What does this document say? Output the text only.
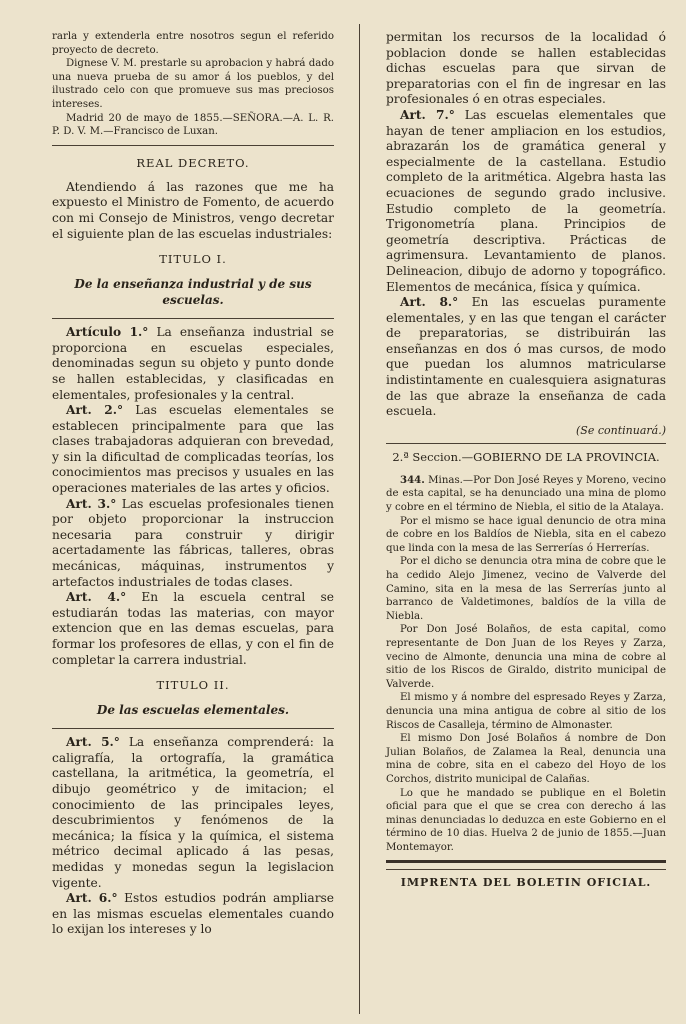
rarla y extenderla entre nosotros segun el referido proyecto de decreto.

Dignese V. M. prestarle su aprobacion y habrá dado una nueva prueba de su amor á los pueblos, y del ilustrado celo con que promueve sus mas preciosos intereses.

Madrid 20 de mayo de 1855.—SEÑORA.—A. L. R. P. D. V. M.—Francisco de Luxan.

REAL DECRETO.

Atendiendo á las razones que me ha expuesto el Ministro de Fomento, de acuerdo con mi Consejo de Ministros, vengo decretar el siguiente plan de las escuelas industriales:

TITULO I.
De la enseñanza industrial y de sus escuelas.

Artículo 1.° La enseñanza industrial se proporciona en escuelas especiales, denominadas segun su objeto y punto donde se hallen establecidas, y clasificadas en elementales, profesionales y la central.

Art. 2.° Las escuelas elementales se establecen principalmente para que las clases trabajadoras adquieran con brevedad, y sin la dificultad de complicadas teorías, los conocimientos mas precisos y usuales en las operaciones materiales de las artes y oficios.

Art. 3.° Las escuelas profesionales tienen por objeto proporcionar la instruccion necesaria para construir y dirigir acertadamente las fábricas, talleres, obras mecánicas, máquinas, instrumentos y artefactos industriales de todas clases.

Art. 4.° En la escuela central se estudiarán todas las materias, con mayor extencion que en las demas escuelas, para formar los profesores de ellas, y con el fin de completar la carrera industrial.

TITULO II.
De las escuelas elementales.

Art. 5.° La enseñanza comprenderá: la caligrafía, la ortografía, la gramática castellana, la aritmética, la geometría, el dibujo geométrico y de imitacion; el conocimiento de las principales leyes, descubrimientos y fenómenos de la mecánica; la física y la química, el sistema métrico decimal aplicado á las pesas, medidas y monedas segun la legislacion vigente.

Art. 6.° Estos estudios podrán ampliarse en las mismas escuelas elementales cuando lo exijan los intereses y lo

permitan los recursos de la localidad ó poblacion donde se hallen establecidas dichas escuelas para que sirvan de preparatorias con el fin de ingresar en las profesionales ó en otras especiales.

Art. 7.° Las escuelas elementales que hayan de tener ampliacion en los estudios, abrazarán los de gramática general y especialmente de la castellana. Estudio completo de la aritmética. Algebra hasta las ecuaciones de segundo grado inclusive. Estudio completo de la geometría. Trigonometría plana. Principios de geometría descriptiva. Prácticas de agrimensura. Levantamiento de planos. Delineacion, dibujo de adorno y topográfico. Elementos de mecánica, física y química.

Art. 8.° En las escuelas puramente elementales, y en las que tengan el carácter de preparatorias, se distribuirán las enseñanzas en dos ó mas cursos, de modo que puedan los alumnos matricularse indistintamente en cualesquiera asignaturas de las que abraze la enseñanza de cada escuela.

(Se continuará.)
2.ª Seccion.—GOBIERNO DE LA PROVINCIA.

344. Minas.—Por Don José Reyes y Moreno, vecino de esta capital, se ha denunciado una mina de plomo y cobre en el término de Niebla, el sitio de la Atalaya.

Por el mismo se hace igual denuncio de otra mina de cobre en los Baldíos de Niebla, sita en el cabezo que linda con la mesa de las Serrerías ó Herrerías.

Por el dicho se denuncia otra mina de cobre que le ha cedido Alejo Jimenez, vecino de Valverde del Camino, sita en la mesa de las Serrerías junto al barranco de Valdetimones, baldíos de la villa de Niebla.

Por Don José Bolaños, de esta capital, como representante de Don Juan de los Reyes y Zarza, vecino de Almonte, denuncia una mina de cobre al sitio de los Riscos de Giraldo, distrito municipal de Valverde.

El mismo y á nombre del espresado Reyes y Zarza, denuncia una mina antigua de cobre al sitio de los Riscos de Casalleja, término de Almonaster.

El mismo Don José Bolaños á nombre de Don Julian Bolaños, de Zalamea la Real, denuncia una mina de cobre, sita en el cabezo del Hoyo de los Corchos, distrito municipal de Calañas.

Lo que he mandado se publique en el Boletin oficial para que el que se crea con derecho á las minas denunciadas lo deduzca en este Gobierno en el término de 10 dias. Huelva 2 de junio de 1855.—Juan Montemayor.

IMPRENTA DEL BOLETIN OFICIAL.
